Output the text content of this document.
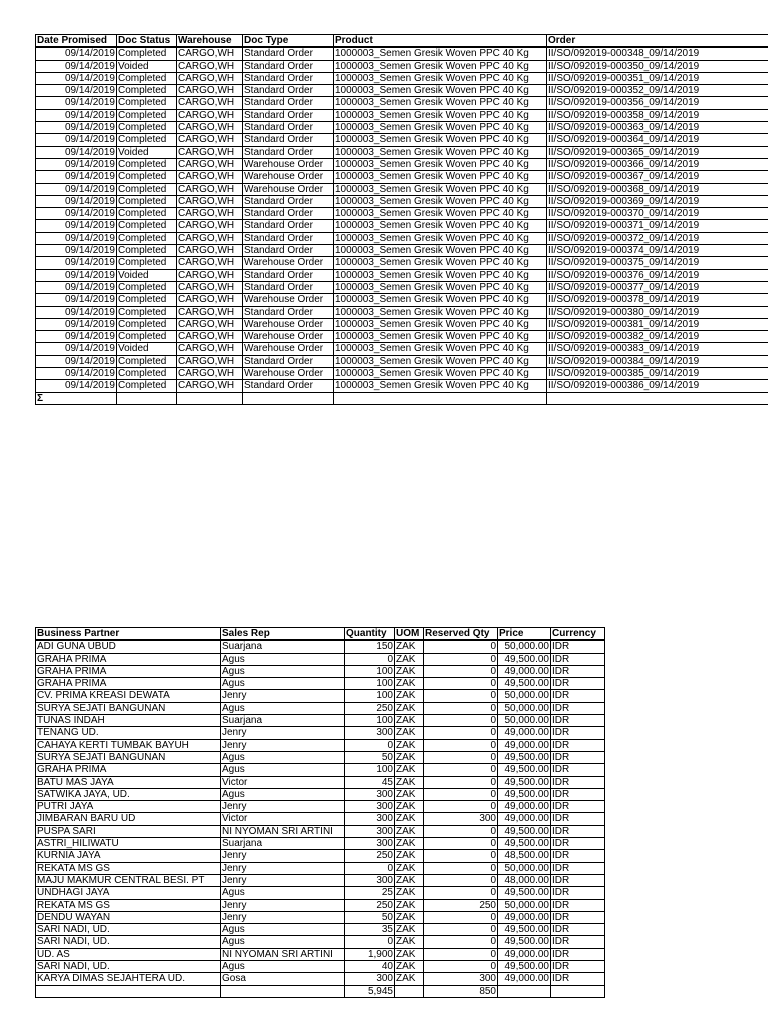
Date Promised	Doc Status	Warehouse	Doc Type	Product	Order
09/14/2019	Completed	CARGO,WH	Standard Order	1000003_Semen Gresik Woven PPC 40 Kg	II/SO/092019-000348_09/14/2019
09/14/2019	Voided	CARGO,WH	Standard Order	1000003_Semen Gresik Woven PPC 40 Kg	II/SO/092019-000350_09/14/2019
09/14/2019	Completed	CARGO,WH	Standard Order	1000003_Semen Gresik Woven PPC 40 Kg	II/SO/092019-000351_09/14/2019
09/14/2019	Completed	CARGO,WH	Standard Order	1000003_Semen Gresik Woven PPC 40 Kg	II/SO/092019-000352_09/14/2019
09/14/2019	Completed	CARGO,WH	Standard Order	1000003_Semen Gresik Woven PPC 40 Kg	II/SO/092019-000356_09/14/2019
09/14/2019	Completed	CARGO,WH	Standard Order	1000003_Semen Gresik Woven PPC 40 Kg	II/SO/092019-000358_09/14/2019
09/14/2019	Completed	CARGO,WH	Standard Order	1000003_Semen Gresik Woven PPC 40 Kg	II/SO/092019-000363_09/14/2019
09/14/2019	Completed	CARGO,WH	Standard Order	1000003_Semen Gresik Woven PPC 40 Kg	II/SO/092019-000364_09/14/2019
09/14/2019	Voided	CARGO,WH	Standard Order	1000003_Semen Gresik Woven PPC 40 Kg	II/SO/092019-000365_09/14/2019
09/14/2019	Completed	CARGO,WH	Warehouse Order	1000003_Semen Gresik Woven PPC 40 Kg	II/SO/092019-000366_09/14/2019
09/14/2019	Completed	CARGO,WH	Warehouse Order	1000003_Semen Gresik Woven PPC 40 Kg	II/SO/092019-000367_09/14/2019
09/14/2019	Completed	CARGO,WH	Warehouse Order	1000003_Semen Gresik Woven PPC 40 Kg	II/SO/092019-000368_09/14/2019
09/14/2019	Completed	CARGO,WH	Standard Order	1000003_Semen Gresik Woven PPC 40 Kg	II/SO/092019-000369_09/14/2019
09/14/2019	Completed	CARGO,WH	Standard Order	1000003_Semen Gresik Woven PPC 40 Kg	II/SO/092019-000370_09/14/2019
09/14/2019	Completed	CARGO,WH	Standard Order	1000003_Semen Gresik Woven PPC 40 Kg	II/SO/092019-000371_09/14/2019
09/14/2019	Completed	CARGO,WH	Standard Order	1000003_Semen Gresik Woven PPC 40 Kg	II/SO/092019-000372_09/14/2019
09/14/2019	Completed	CARGO,WH	Standard Order	1000003_Semen Gresik Woven PPC 40 Kg	II/SO/092019-000374_09/14/2019
09/14/2019	Completed	CARGO,WH	Warehouse Order	1000003_Semen Gresik Woven PPC 40 Kg	II/SO/092019-000375_09/14/2019
09/14/2019	Voided	CARGO,WH	Standard Order	1000003_Semen Gresik Woven PPC 40 Kg	II/SO/092019-000376_09/14/2019
09/14/2019	Completed	CARGO,WH	Standard Order	1000003_Semen Gresik Woven PPC 40 Kg	II/SO/092019-000377_09/14/2019
09/14/2019	Completed	CARGO,WH	Warehouse Order	1000003_Semen Gresik Woven PPC 40 Kg	II/SO/092019-000378_09/14/2019
09/14/2019	Completed	CARGO,WH	Standard Order	1000003_Semen Gresik Woven PPC 40 Kg	II/SO/092019-000380_09/14/2019
09/14/2019	Completed	CARGO,WH	Warehouse Order	1000003_Semen Gresik Woven PPC 40 Kg	II/SO/092019-000381_09/14/2019
09/14/2019	Completed	CARGO,WH	Warehouse Order	1000003_Semen Gresik Woven PPC 40 Kg	II/SO/092019-000382_09/14/2019
09/14/2019	Voided	CARGO,WH	Warehouse Order	1000003_Semen Gresik Woven PPC 40 Kg	II/SO/092019-000383_09/14/2019
09/14/2019	Completed	CARGO,WH	Standard Order	1000003_Semen Gresik Woven PPC 40 Kg	II/SO/092019-000384_09/14/2019
09/14/2019	Completed	CARGO,WH	Warehouse Order	1000003_Semen Gresik Woven PPC 40 Kg	II/SO/092019-000385_09/14/2019
09/14/2019	Completed	CARGO,WH	Standard Order	1000003_Semen Gresik Woven PPC 40 Kg	II/SO/092019-000386_09/14/2019
Σ					
Business Partner	Sales Rep	Quantity	UOM	Reserved Qty	Price	Currency
ADI GUNA UBUD	Suarjana	150	ZAK	0	50,000.00	IDR
GRAHA PRIMA	Agus	0	ZAK	0	49,500.00	IDR
GRAHA PRIMA	Agus	100	ZAK	0	49,000.00	IDR
GRAHA PRIMA	Agus	100	ZAK	0	49,500.00	IDR
CV. PRIMA KREASI DEWATA	Jenry	100	ZAK	0	50,000.00	IDR
SURYA SEJATI BANGUNAN	Agus	250	ZAK	0	50,000.00	IDR
TUNAS INDAH	Suarjana	100	ZAK	0	50,000.00	IDR
TENANG UD.	Jenry	300	ZAK	0	49,000.00	IDR
CAHAYA KERTI TUMBAK BAYUH	Jenry	0	ZAK	0	49,000.00	IDR
SURYA SEJATI BANGUNAN	Agus	50	ZAK	0	49,500.00	IDR
GRAHA PRIMA	Agus	100	ZAK	0	49,500.00	IDR
BATU MAS JAYA	Victor	45	ZAK	0	49,500.00	IDR
SATWIKA JAYA, UD.	Agus	300	ZAK	0	49,500.00	IDR
PUTRI JAYA	Jenry	300	ZAK	0	49,000.00	IDR
JIMBARAN BARU UD	Victor	300	ZAK	300	49,000.00	IDR
PUSPA SARI	NI NYOMAN SRI ARTINI	300	ZAK	0	49,500.00	IDR
ASTRI_HILIWATU	Suarjana	300	ZAK	0	49,500.00	IDR
KURNIA JAYA	Jenry	250	ZAK	0	48,500.00	IDR
REKATA MS GS	Jenry	0	ZAK	0	50,000.00	IDR
MAJU MAKMUR CENTRAL BESI. PT	Jenry	300	ZAK	0	48,000.00	IDR
UNDHAGI JAYA	Agus	25	ZAK	0	49,500.00	IDR
REKATA MS GS	Jenry	250	ZAK	250	50,000.00	IDR
DENDU WAYAN	Jenry	50	ZAK	0	49,000.00	IDR
SARI NADI, UD.	Agus	35	ZAK	0	49,500.00	IDR
SARI NADI, UD.	Agus	0	ZAK	0	49,500.00	IDR
UD. AS	NI NYOMAN SRI ARTINI	1,900	ZAK	0	49,000.00	IDR
SARI NADI, UD.	Agus	40	ZAK	0	49,500.00	IDR
KARYA DIMAS SEJAHTERA UD.	Gosa	300	ZAK	300	49,000.00	IDR
		5,945		850		
